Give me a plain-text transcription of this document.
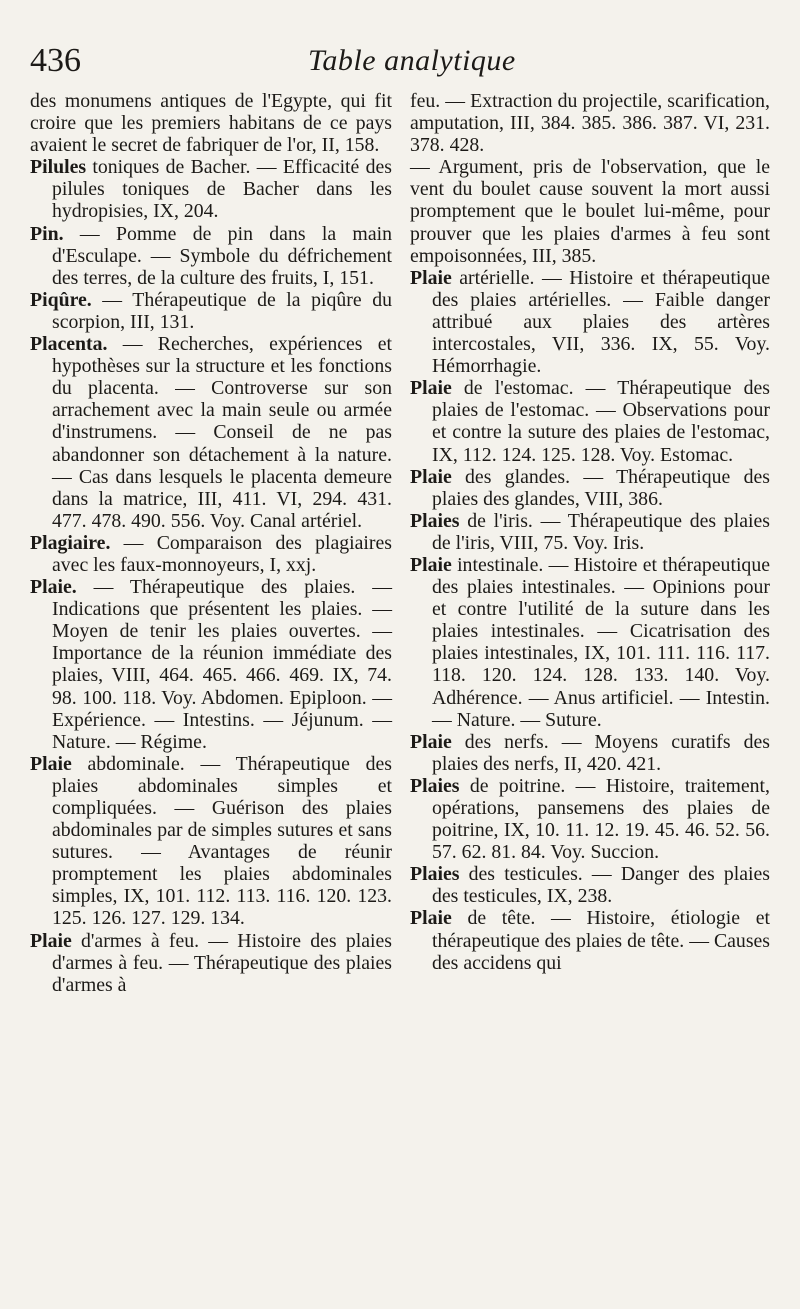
436	Table analytique
des monumens antiques de l'Egypte, qui fit croire que les premiers habitans de ce pays avaient le secret de fabriquer de l'or, II, 158.
Pilules toniques de Bacher. — Efficacité des pilules toniques de Bacher dans les hydropisies, IX, 204.
Pin. — Pomme de pin dans la main d'Esculape. — Symbole du défrichement des terres, de la culture des fruits, I, 151.
Piqûre. — Thérapeutique de la piqûre du scorpion, III, 131.
Placenta. — Recherches, expériences et hypothèses sur la structure et les fonctions du placenta. — Controverse sur son arrachement avec la main seule ou armée d'instrumens. — Conseil de ne pas abandonner son détachement à la nature. — Cas dans lesquels le placenta demeure dans la matrice, III, 411. VI, 294. 431. 477. 478. 490. 556. Voy. Canal artériel.
Plagiaire. — Comparaison des plagiaires avec les faux-monnoyeurs, I, xxj.
Plaie. — Thérapeutique des plaies. — Indications que présentent les plaies. — Moyen de tenir les plaies ouvertes. — Importance de la réunion immédiate des plaies, VIII, 464. 465. 466. 469. IX, 74. 98. 100. 118. Voy. Abdomen. Epiploon. — Expérience. — Intestins. — Jéjunum. — Nature. — Régime.
Plaie abdominale. — Thérapeutique des plaies abdominales simples et compliquées. — Guérison des plaies abdominales par de simples sutures et sans sutures. — Avantages de réunir promptement les plaies abdominales simples, IX, 101. 112. 113. 116. 120. 123. 125. 126. 127. 129. 134.
Plaie d'armes à feu. — Histoire des plaies d'armes à feu. — Thérapeutique des plaies d'armes à
feu. — Extraction du projectile, scarification, amputation, III, 384. 385. 386. 387. VI, 231. 378. 428.
— Argument, pris de l'observation, que le vent du boulet cause souvent la mort aussi promptement que le boulet lui-même, pour prouver que les plaies d'armes à feu sont empoisonnées, III, 385.
Plaie artérielle. — Histoire et thérapeutique des plaies artérielles. — Faible danger attribué aux plaies des artères intercostales, VII, 336. IX, 55. Voy. Hémorrhagie.
Plaie de l'estomac. — Thérapeutique des plaies de l'estomac. — Observations pour et contre la suture des plaies de l'estomac, IX, 112. 124. 125. 128. Voy. Estomac.
Plaie des glandes. — Thérapeutique des plaies des glandes, VIII, 386.
Plaies de l'iris. — Thérapeutique des plaies de l'iris, VIII, 75. Voy. Iris.
Plaie intestinale. — Histoire et thérapeutique des plaies intestinales. — Opinions pour et contre l'utilité de la suture dans les plaies intestinales. — Cicatrisation des plaies intestinales, IX, 101. 111. 116. 117. 118. 120. 124. 128. 133. 140. Voy. Adhérence. — Anus artificiel. — Intestin. — Nature. — Suture.
Plaie des nerfs. — Moyens curatifs des plaies des nerfs, II, 420. 421.
Plaies de poitrine. — Histoire, traitement, opérations, pansemens des plaies de poitrine, IX, 10. 11. 12. 19. 45. 46. 52. 56. 57. 62. 81. 84. Voy. Succion.
Plaies des testicules. — Danger des plaies des testicules, IX, 238.
Plaie de tête. — Histoire, étiologie et thérapeutique des plaies de tête. — Causes des accidens qui
